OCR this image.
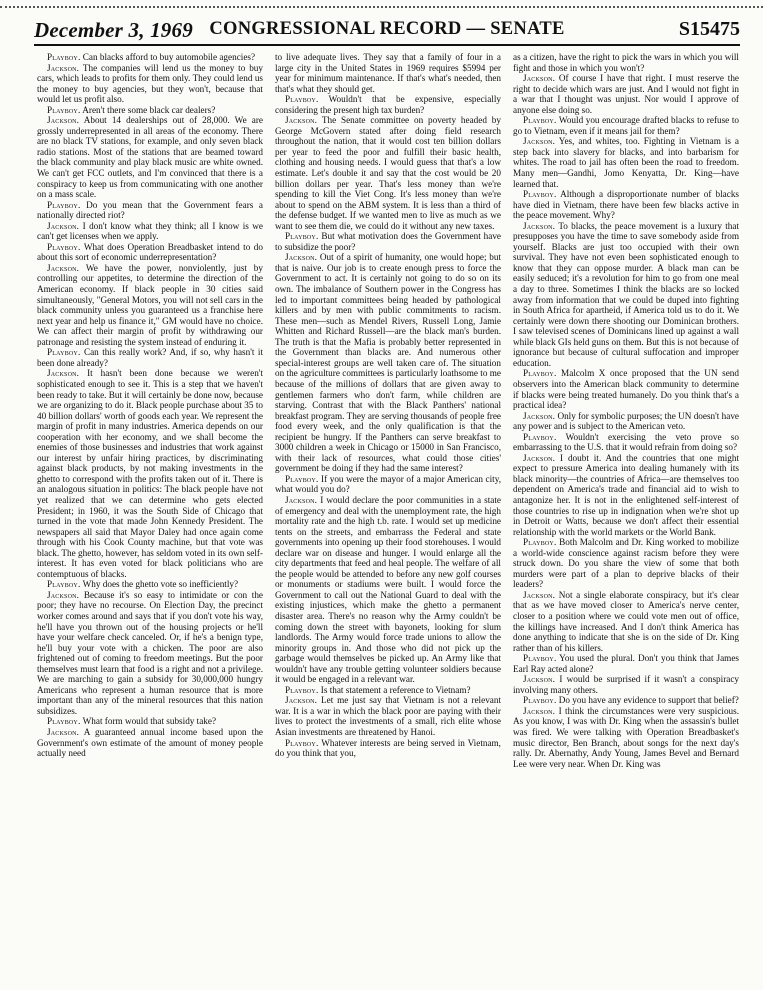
December 3, 1969 CONGRESSIONAL RECORD — SENATE	S15475

Playboy. Can blacks afford to buy automobile agencies?

Jackson. The companies will lend us the money to buy cars, which leads to profits for them only. They could lend us the money to buy agencies, but they won't, because that would let us profit also.

Playboy. Aren't there some black car dealers?

Jackson. About 14 dealerships out of 28,000. We are grossly underrepresented in all areas of the economy. There are no black TV stations, for example, and only seven black radio stations. Most of the stations that are beamed toward the black community and play black music are white owned. We can't get FCC outlets, and I'm convinced that there is a conspiracy to keep us from communicating with one another on a mass scale.

Playboy. Do you mean that the Government fears a nationally directed riot?

Jackson. I don't know what they think; all I know is we can't get licenses when we apply.

Playboy. What does Operation Breadbasket intend to do about this sort of economic underrepresentation?

Jackson. We have the power, nonviolently, just by controlling our appetites, to determine the direction of the American economy. If black people in 30 cities said simultaneously, "General Motors, you will not sell cars in the black community unless you guaranteed us a franchise here next year and help us finance it," GM would have no choice. We can affect their margin of profit by withdrawing our patronage and resisting the system instead of enduring it.

Playboy. Can this really work? And, if so, why hasn't it been done already?

Jackson. It hasn't been done because we weren't sophisticated enough to see it. This is a step that we haven't been ready to take. But it will certainly be done now, because we are organizing to do it. Black people purchase about 35 to 40 billion dollars' worth of goods each year. We represent the margin of profit in many industries. America depends on our cooperation with her economy, and we shall become the enemies of those businesses and industries that work against our interest by unfair hiring practices, by discriminating against black products, by not making investments in the ghetto to correspond with the profits taken out of it. There is an analogous situation in politics: The black people have not yet realized that we can determine who gets elected President; in 1960, it was the South Side of Chicago that turned in the vote that made John Kennedy President. The newspapers all said that Mayor Daley had once again come through with his Cook County machine, but that vote was black. The ghetto, however, has seldom voted in its own self-interest. It has even voted for black politicians who are contemptuous of blacks.

Playboy. Why does the ghetto vote so inefficiently?

Jackson. Because it's so easy to intimidate or con the poor; they have no recourse. On Election Day, the precinct worker comes around and says that if you don't vote his way, he'll have you thrown out of the housing projects or he'll have your welfare check canceled. Or, if he's a benign type, he'll buy your vote with a chicken. The poor are also frightened out of coming to freedom meetings. But the poor themselves must learn that food is a right and not a privilege. We are marching to gain a subsidy for 30,000,000 hungry Americans who represent a human resource that is more important than any of the mineral resources that this nation subsidizes.

Playboy. What form would that subsidy take?

Jackson. A guaranteed annual income based upon the Government's own estimate of the amount of money people actually need

to live adequate lives. They say that a family of four in a large city in the United States in 1969 requires $5994 per year for minimum maintenance. If that's what's needed, then that's what they should get.

Playboy. Wouldn't that be expensive, especially considering the present high tax burden?

Jackson. The Senate committee on poverty headed by George McGovern stated after doing field research throughout the nation, that it would cost ten billion dollars per year to feed the poor and fulfill their basic health, clothing and housing needs. I would guess that that's a low estimate. Let's double it and say that the cost would be 20 billion dollars per year. That's less money than we're spending to kill the Viet Cong. It's less money than we're about to spend on the ABM system. It is less than a third of the defense budget. If we wanted men to live as much as we want to see them die, we could do it without any new taxes.

Playboy. But what motivation does the Government have to subsidize the poor?

Jackson. Out of a spirit of humanity, one would hope; but that is naive. Our job is to create enough press to force the Government to act. It is certainly not going to do so on its own. The imbalance of Southern power in the Congress has led to important committees being headed by pathological killers and by men with public commitments to racism. These men—such as Mendel Rivers, Russell Long, Jamie Whitten and Richard Russell—are the black man's burden. The truth is that the Mafia is probably better represented in the Government than blacks are. And numerous other special-interest groups are well taken care of. The situation on the agriculture committees is particularly loathsome to me because of the millions of dollars that are given away to gentlemen farmers who don't farm, while children are starving. Contrast that with the Black Panthers' national breakfast program. They are serving thousands of people free food every week, and the only qualification is that the recipient be hungry. If the Panthers can serve breakfast to 3000 children a week in Chicago or 15000 in San Francisco, with their lack of resources, what could those cities' government be doing if they had the same interest?

Playboy. If you were the mayor of a major American city, what would you do?

Jackson. I would declare the poor communities in a state of emergency and deal with the unemployment rate, the high mortality rate and the high t.b. rate. I would set up medicine tents on the streets, and embarrass the Federal and state governments into opening up their food storehouses. I would declare war on disease and hunger. I would enlarge all the city departments that feed and heal people. The welfare of all the people would be attended to before any new golf courses or monuments or stadiums were built. I would force the Government to call out the National Guard to deal with the existing injustices, which make the ghetto a permanent disaster area. There's no reason why the Army couldn't be coming down the street with bayonets, looking for slum landlords. The Army would force trade unions to allow the minority groups in. And those who did not pick up the garbage would themselves be picked up. An Army like that wouldn't have any trouble getting volunteer soldiers because it would be engaged in a relevant war.

Playboy. Is that statement a reference to Vietnam?

Jackson. Let me just say that Vietnam is not a relevant war. It is a war in which the black poor are paying with their lives to protect the investments of a small, rich elite whose Asian investments are threatened by Hanoi.

Playboy. Whatever interests are being served in Vietnam, do you think that you,

as a citizen, have the right to pick the wars in which you will fight and those in which you won't?

Jackson. Of course I have that right. I must reserve the right to decide which wars are just. And I would not fight in a war that I thought was unjust. Nor would I approve of anyone else doing so.

Playboy. Would you encourage drafted blacks to refuse to go to Vietnam, even if it means jail for them?

Jackson. Yes, and whites, too. Fighting in Vietnam is a step back into slavery for blacks, and into barbarism for whites. The road to jail has often been the road to freedom. Many men—Gandhi, Jomo Kenyatta, Dr. King—have learned that.

Playboy. Although a disproportionate number of blacks have died in Vietnam, there have been few blacks active in the peace movement. Why?

Jackson. To blacks, the peace movement is a luxury that presupposes you have the time to save somebody aside from yourself. Blacks are just too occupied with their own survival. They have not even been sophisticated enough to know that they can oppose murder. A black man can be easily seduced; it's a revolution for him to go from one meal a day to three. Sometimes I think the blacks are so locked away from information that we could be duped into fighting in South Africa for apartheid, if America told us to do it. We certainly were down there shooting our Dominican brothers. I saw televised scenes of Dominicans lined up against a wall while black GIs held guns on them. But this is not because of ignorance but because of cultural suffocation and improper education.

Playboy. Malcolm X once proposed that the UN send observers into the American black community to determine if blacks were being treated humanely. Do you think that's a practical idea?

Jackson. Only for symbolic purposes; the UN doesn't have any power and is subject to the American veto.

Playboy. Wouldn't exercising the veto prove so embarrassing to the U.S. that it would refrain from doing so?

Jackson. I doubt it. And the countries that one might expect to pressure America into dealing humanely with its black minority—the countries of Africa—are themselves too dependent on America's trade and financial aid to wish to antagonize her. It is not in the enlightened self-interest of those countries to rise up in indignation when we're shot up in Detroit or Watts, because we don't affect their essential relationship with the world markets or the World Bank.

Playboy. Both Malcolm and Dr. King worked to mobilize a world-wide conscience against racism before they were struck down. Do you share the view of some that both murders were part of a plan to deprive blacks of their leaders?

Jackson. Not a single elaborate conspiracy, but it's clear that as we have moved closer to America's nerve center, closer to a position where we could vote men out of office, the killings have increased. And I don't think America has done anything to indicate that she is on the side of Dr. King rather than of his killers.

Playboy. You used the plural. Don't you think that James Earl Ray acted alone?

Jackson. I would be surprised if it wasn't a conspiracy involving many others.

Playboy. Do you have any evidence to support that belief?

Jackson. I think the circumstances were very suspicious. As you know, I was with Dr. King when the assassin's bullet was fired. We were talking with Operation Breadbasket's music director, Ben Branch, about songs for the next day's rally. Dr. Abernathy, Andy Young, James Bevel and Bernard Lee were very near. When Dr. King was
